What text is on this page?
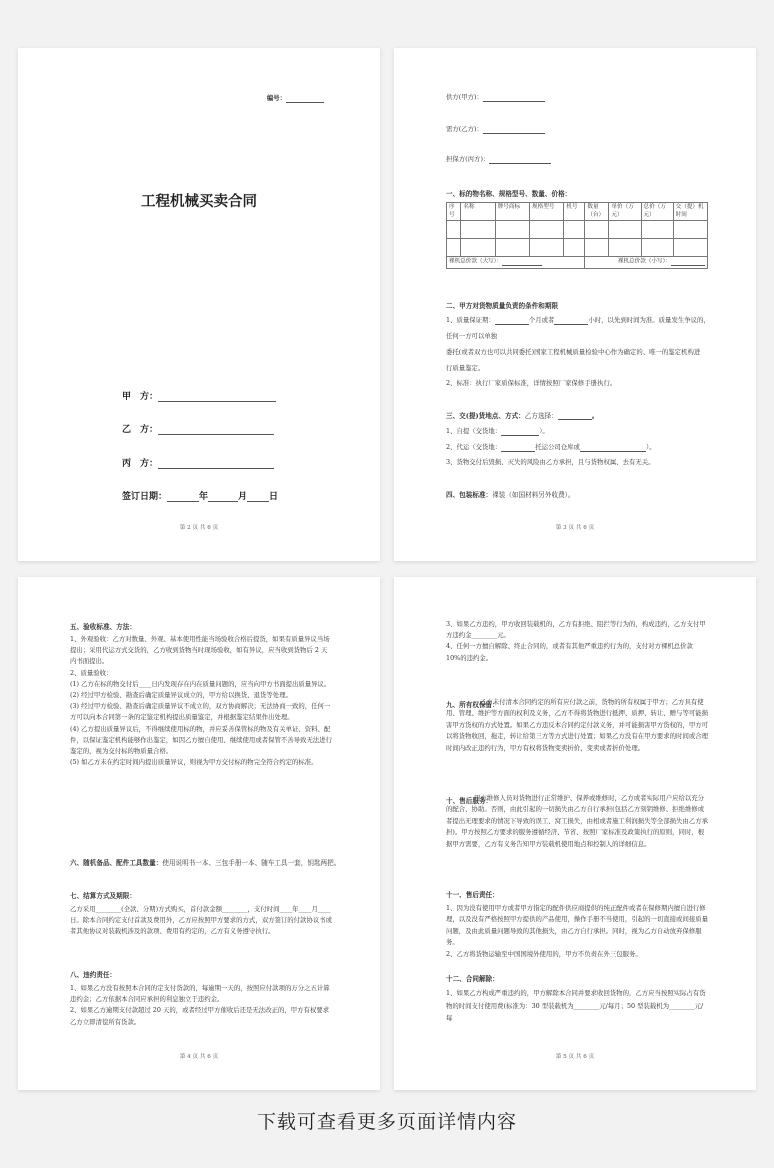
编号：
工程机械买卖合同
甲　方：
乙　方：
丙　方：
签订日期：	年	月 日
第 2 页 共 6 页
供方(甲方)：
需方(乙方)：
担保方(丙方)：
一、标的物名称、规格型号、数量、价格：
序号	名称	牌号商标	规格型号	机号	数量（台）	单价（万元）	总价（万元）	交（提）机时间

裸机总价款（大写）：					裸机总价款（小写）：			
二、甲方对货物质量负责的条件和期限
1、质量保证期：	个月或者	小时，以先到时间为准。质量发生争议的，
任何一方可以单独
委托(或者双方也可以共同委托)国家工程机械质量检验中心作为确定的、唯一的鉴定机构进
行质量鉴定。
2、标准：执行厂家质保标准，详情按照厂家保修手册执行。
三、交(提)货地点、方式：乙方选择：	。
1、自提（交货地：	）。
2、代运（交货地：	托运公司仓库或	）。
3、货物交付后毁损、灭失的风险由乙方承担，且与货物权属、去有无关。
四、包装标准：裸装（如国材料另外收费）。
第 3 页 共 6 页
五、验收标准、方法：
1、外观验收：乙方对数量、外观、基本使用性能当场验收合格后提货，如果有质量异议当场提出；采用代运方式交货的，乙方收到货物当时现场验收，如有异议，应当收到货物后 2 天内书面提出。
2、质量验收：
(1) 乙方在标的物交付后____日内发现存在内在质量问题的，应当向甲方书面提出质量异议。
(2) 经过甲方检验、勘查后确定质量异议成立的，甲方给以换货、退货等处理。
(3) 经过甲方检验、勘查后确定质量异议不成立的，双方协商解决；无法协商一致的，任何一方可以向本合同第一条的定鉴定机构提出质量鉴定，并根据鉴定结果作出处理。
(4) 乙方提出质量异议后，不得继续使用标的物，并应妥善保管标的物及有关单证、资料、配件，以保证鉴定机构能够作出鉴定，如因乙方擅自使用、继续使用或者保管不善导致无法进行鉴定的，视为交付标的物质量合格。
(5) 如乙方未在约定时间内提出质量异议，则视为甲方交付标的物完全符合约定的标准。
六、随机备品、配件工具数量：使用说明书一本、三包手册一本、随车工具一套，钥匙两把。
七、结算方式及期限：
乙方采用________(全款、分期)方式购买，首付款金额________，支付时间____年____月____日。除本合同约定支付首款及费用外，乙方应按照甲方要求的方式，双方签订的付款协议书或者其他协议对装载机涉及的款项、费用有约定的，乙方有义务遵守执行。
八、违约责任：
1、如果乙方没有按照本合同的定支付货款的，每逾期一天的，按照应付款项的万分之五计算违约金；乙方依据本合同应承担的利息独立于违约金。
2、如果乙方逾期支付款超过 20 天的，或者经过甲方催收后还是无法改正的，甲方有权要求乙方立即清偿所有货款。
第 4 页 共 6 页
3、如果乙方违约，甲方收回装载机的，乙方有拒绝、阻拦等行为的，构成违约，乙方支付甲方违约金________元。
4、任何一方擅自解除、终止合同的，或者有其他严重违约行为的，支付对方裸机总价款 10%的违约金。
九、所有权保留：
乙方未付清本合同约定的所有应付款之前，货物的所有权属于甲方；乙方具有使用、管理、维护等方面的权利及义务，乙方不得将货物进行抵押、质押、转让、赠与等可能损害甲方货权的方式处置。如果乙方违反本合同约定付款义务，并可能损害甲方货权的，甲方可以将货物收回，拖走，转让给第三方等方式进行处置；如果乙方没有在甲方要求的时间或合理时间内改正违约行为，甲方有权将货物变卖折价，变卖或者折价处理。
十、售后服务：
甲方维修人员对货物进行正常维护、保养或维修时，乙方或者实际用户应给以充分的配合、协助。否则，由此引起的一切损失由乙方自行承担(包括乙方刻钥维修、拒绝维修或者提出无理要求的情况下导致的误工、窝工损失，由相或者施工利润损失等全部损失由乙方承担)。甲方按照乙方要求的服务遵循经济、节省、按照厂家标准及政策执行的原则，同时，根据甲方需要，乙方有义务告知甲方装载机使用地点和控制人的详细信息。
十一、售后责任：
1、因为没有使用甲方或者甲方指定的配件供应商提供的纯正配件或者在保修期内擅自进行修理，以及没有严格按照甲方提供的产品使用，操作手册不当使用，引起的一切直接或间接质量问题，及由此质量问题导致的其他损失，由乙方自行承担。同时，视为乙方自动放弃保修服务。
2、乙方将货物运输至中国国境外使用的，甲方不负责在外三包服务。
十二、合同解除：
1、如果乙方构成严重违约的，甲方解除本合同并要求收回货物的，乙方应当按照实际占有货物的时间支付使用费(标准为：30 型装载机为________元/每月；50 型装载机为________元/每
第 5 页 共 6 页
下载可查看更多页面详情内容
